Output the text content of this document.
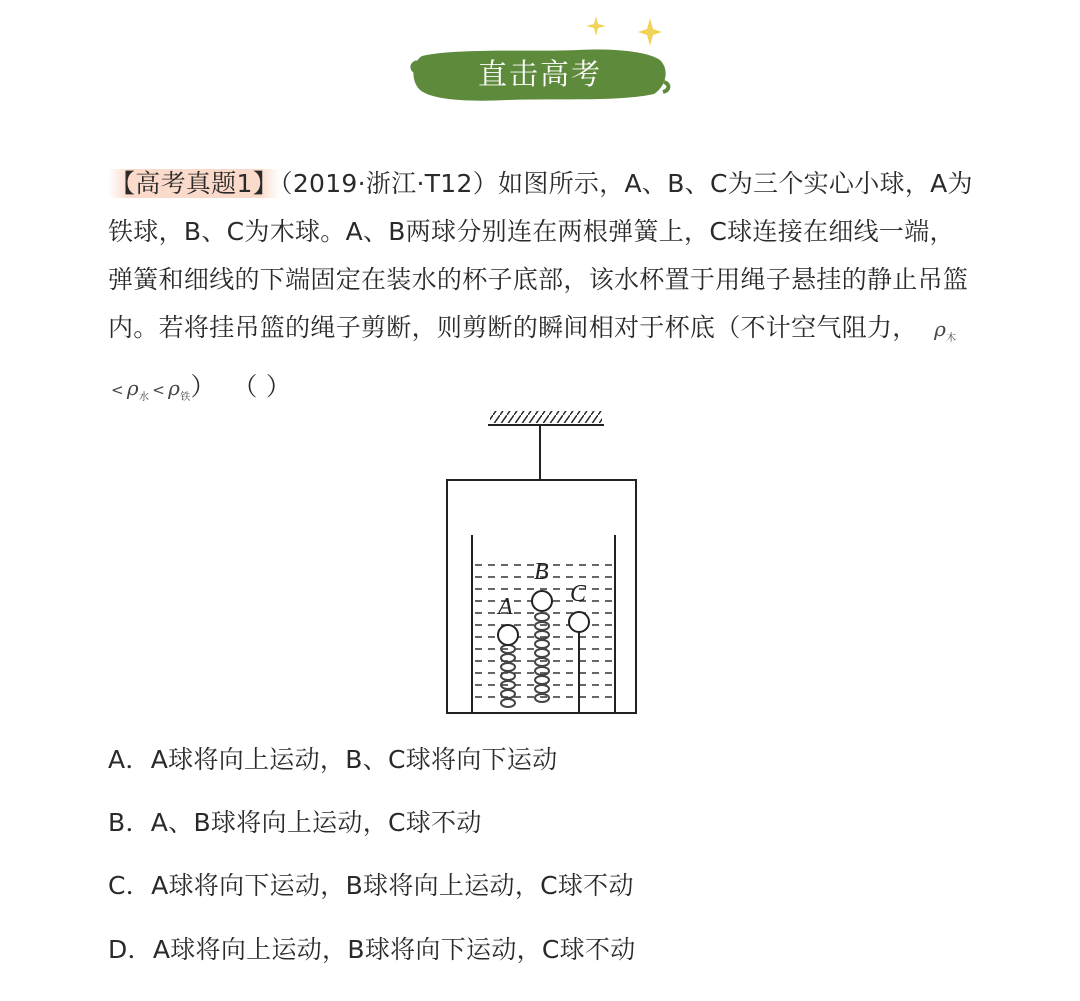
直击高考
【高考真题1】（2019·浙江·T12）如图所示，A、B、C为三个实心小球，A为铁球，B、C为木球。A、B两球分别连在两根弹簧上，C球连接在细线一端，弹簧和细线的下端固定在装水的杯子底部，该水杯置于用绳子悬挂的静止吊篮内。若将挂吊篮的绳子剪断，则剪断的瞬间相对于杯底（不计空气阻力， $\rho_木< \rho_水 < \rho_铁$） （ ）
A
B
C
A．A球将向上运动，B、C球将向下运动
B．A、B球将向上运动，C球不动
C．A球将向下运动，B球将向上运动，C球不动
D．A球将向上运动，B球将向下运动，C球不动
